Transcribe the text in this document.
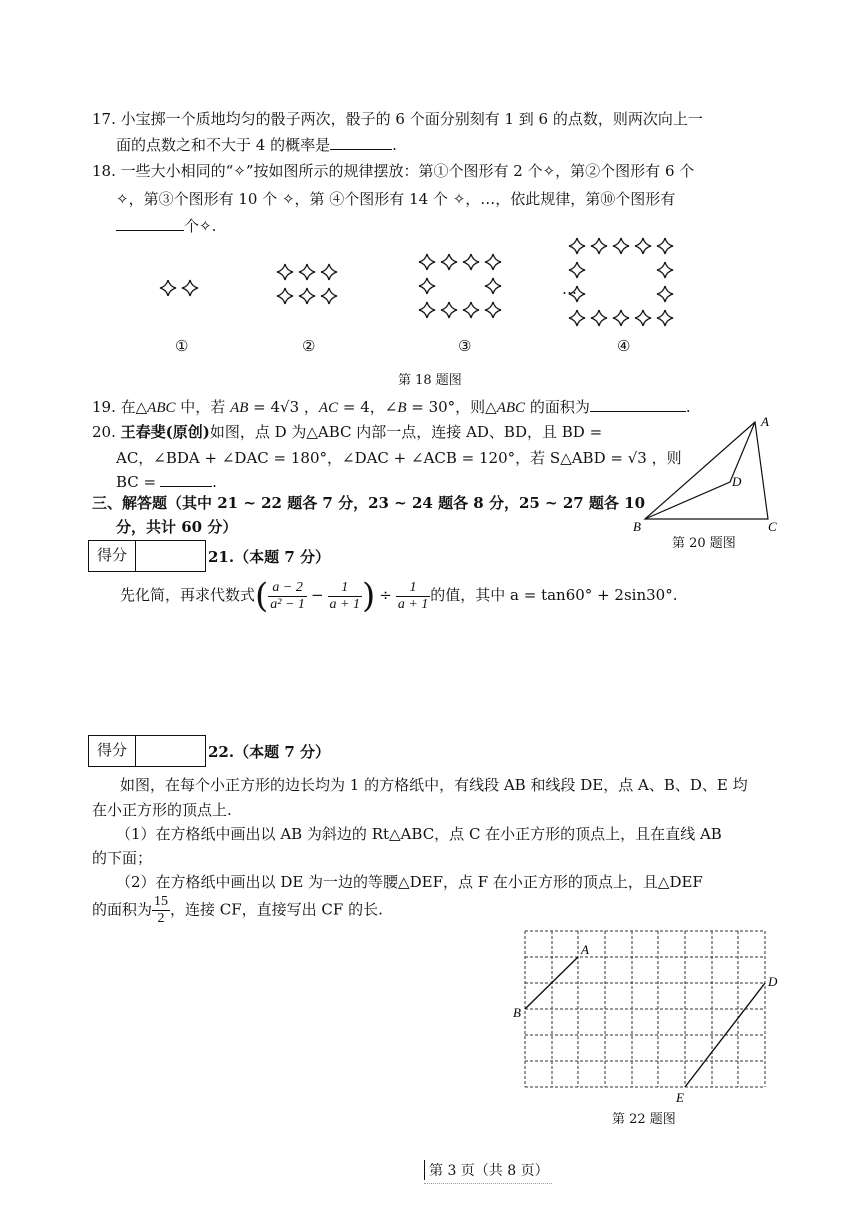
17. 小宝掷一个质地均匀的骰子两次，骰子的 6 个面分别刻有 1 到 6 的点数，则两次向上一
面的点数之和不大于 4 的概率是	.
18. 一些大小相同的“✧”按如图所示的规律摆放：第①个图形有 2 个✧，第②个图形有 6 个
✧，第③个图形有 10 个 ✧，第 ④个图形有 14 个 ✧，…，依此规律，第⑩个图形有
个✧.
…
①	②	③	④
第 18 题图
19. 在△ABC 中，若 AB = 4√3 ，AC = 4，∠B = 30°，则△ABC 的面积为	.
20. 王春斐(原创)如图，点 D 为△ABC 内部一点，连接 AD、BD，且 BD =
AC，∠BDA + ∠DAC = 180°，∠DAC + ∠ACB = 120°，若 S△ABD = √3 ，则
BC =	.
A
B	C
D
第 20 题图
三、解答题（其中 21 ~ 22 题各 7 分，23 ~ 24 题各 8 分，25 ~ 27 题各 10
分，共计 60 分）
得分	21.（本题 7 分）
先化简，再求代数式( $\frac{a - 2}{\text{a² − 1}} - \frac{1}{a + 1}$ ) ÷ $\frac{1}{a + 1}$ 的值，其中 a = tan60° + 2sin30°.
得分	22.（本题 7 分）
如图，在每个小正方形的边长均为 1 的方格纸中，有线段 AB 和线段 DE，点 A、B、D、E 均
在小正方形的顶点上.
（1）在方格纸中画出以 AB 为斜边的 Rt△ABC，点 C 在小正方形的顶点上，且在直线 AB
的下面；
（2）在方格纸中画出以 DE 为一边的等腰△DEF，点 F 在小正方形的顶点上，且△DEF
的面积为 $\frac{15}{2}$ ，连接 CF，直接写出 CF 的长.
A
B
D
E
第 22 题图
第 3 页（共 8 页）
